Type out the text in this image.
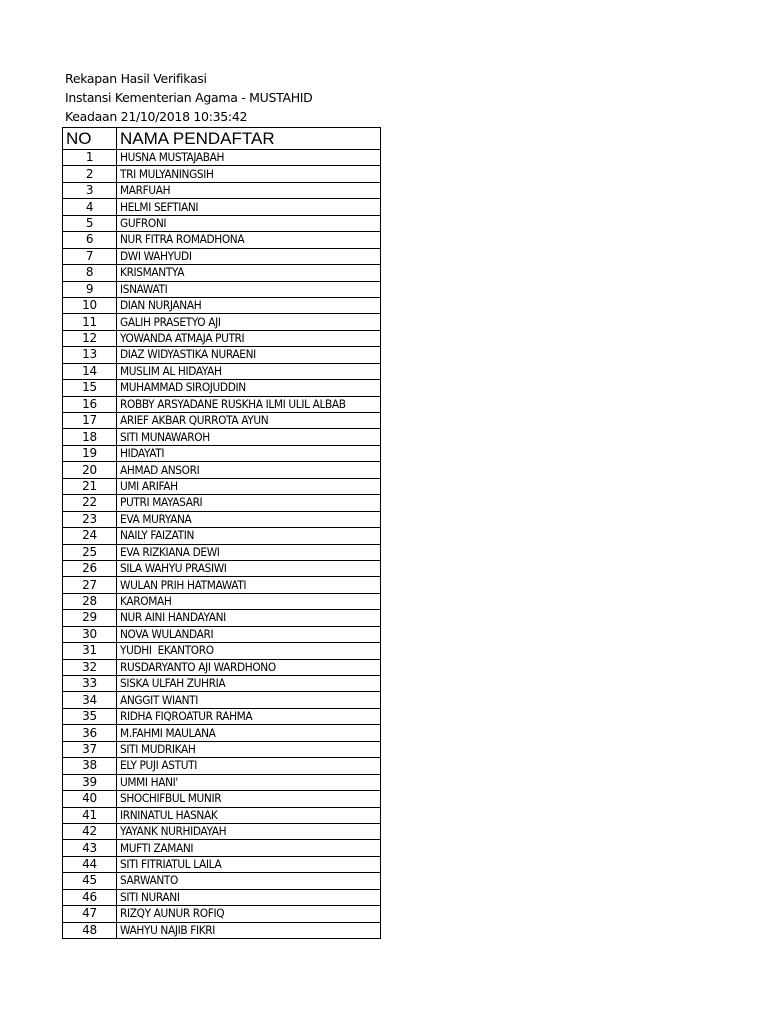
Rekapan Hasil Verifikasi
Instansi Kementerian Agama - MUSTAHID
Keadaan 21/10/2018 10:35:42
NO	NAMA PENDAFTAR
1	HUSNA MUSTAJABAH
2	TRI MULYANINGSIH
3	MARFUAH
4	HELMI SEFTIANI
5	GUFRONI
6	NUR FITRA ROMADHONA
7	DWI WAHYUDI
8	KRISMANTYA
9	ISNAWATI
10	DIAN NURJANAH
11	GALIH PRASETYO AJI
12	YOWANDA ATMAJA PUTRI
13	DIAZ WIDYASTIKA NURAENI
14	MUSLIM AL HIDAYAH
15	MUHAMMAD SIROJUDDIN
16	ROBBY ARSYADANE RUSKHA ILMI ULIL ALBAB
17	ARIEF AKBAR QURROTA AYUN
18	SITI MUNAWAROH
19	HIDAYATI
20	AHMAD ANSORI
21	UMI ARIFAH
22	PUTRI MAYASARI
23	EVA MURYANA
24	NAILY FAIZATIN
25	EVA RIZKIANA DEWI
26	SILA WAHYU PRASIWI
27	WULAN PRIH HATMAWATI
28	KAROMAH
29	NUR AINI HANDAYANI
30	NOVA WULANDARI
31	YUDHI  EKANTORO
32	RUSDARYANTO AJI WARDHONO
33	SISKA ULFAH ZUHRIA
34	ANGGIT WIANTI
35	RIDHA FIQROATUR RAHMA
36	M.FAHMI MAULANA
37	SITI MUDRIKAH
38	ELY PUJI ASTUTI
39	UMMI HANI'
40	SHOCHIFBUL MUNIR
41	IRNINATUL HASNAK
42	YAYANK NURHIDAYAH
43	MUFTI ZAMANI
44	SITI FITRIATUL LAILA
45	SARWANTO
46	SITI NURANI
47	RIZQY AUNUR ROFIQ
48	WAHYU NAJIB FIKRI
